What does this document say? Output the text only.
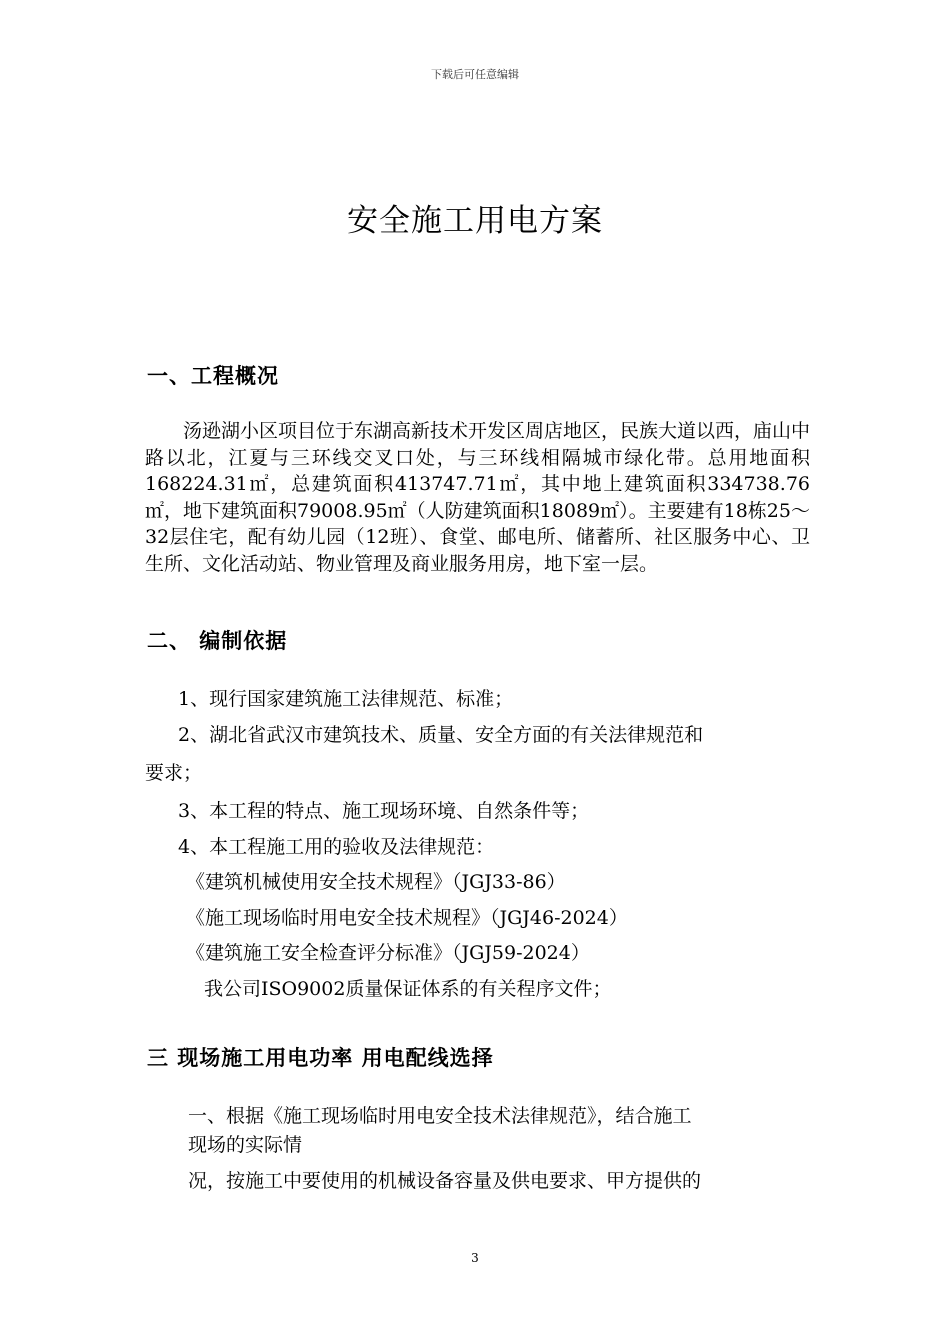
下载后可任意编辑
安全施工用电方案
一、工程概况

汤逊湖小区项目位于东湖高新技术开发区周店地区，民族大道以西，庙山中路以北，江夏与三环线交叉口处，与三环线相隔城市绿化带。总用地面积168224.31㎡，总建筑面积413747.71㎡，其中地上建筑面积334738.76㎡，地下建筑面积79008.95㎡（人防建筑面积18089㎡）。主要建有18栋25～32层住宅，配有幼儿园（12班）、食堂、邮电所、储蓄所、社区服务中心、卫生所、文化活动站、物业管理及商业服务用房，地下室一层。

二、 编制依据
1、现行国家建筑施工法律规范、标准；
2、湖北省武汉市建筑技术、质量、安全方面的有关法律规范和
要求；
3、本工程的特点、施工现场环境、自然条件等；
4、本工程施工用的验收及法律规范：
《建筑机械使用安全技术规程》（JGJ33-86）
《施工现场临时用电安全技术规程》（JGJ46-2024）
《建筑施工安全检查评分标准》（JGJ59-2024）
我公司ISO9002质量保证体系的有关程序文件；
三 现场施工用电功率 用电配线选择
一、根据《施工现场临时用电安全技术法律规范》，结合施工
现场的实际情
况，按施工中要使用的机械设备容量及供电要求、甲方提供的
3
